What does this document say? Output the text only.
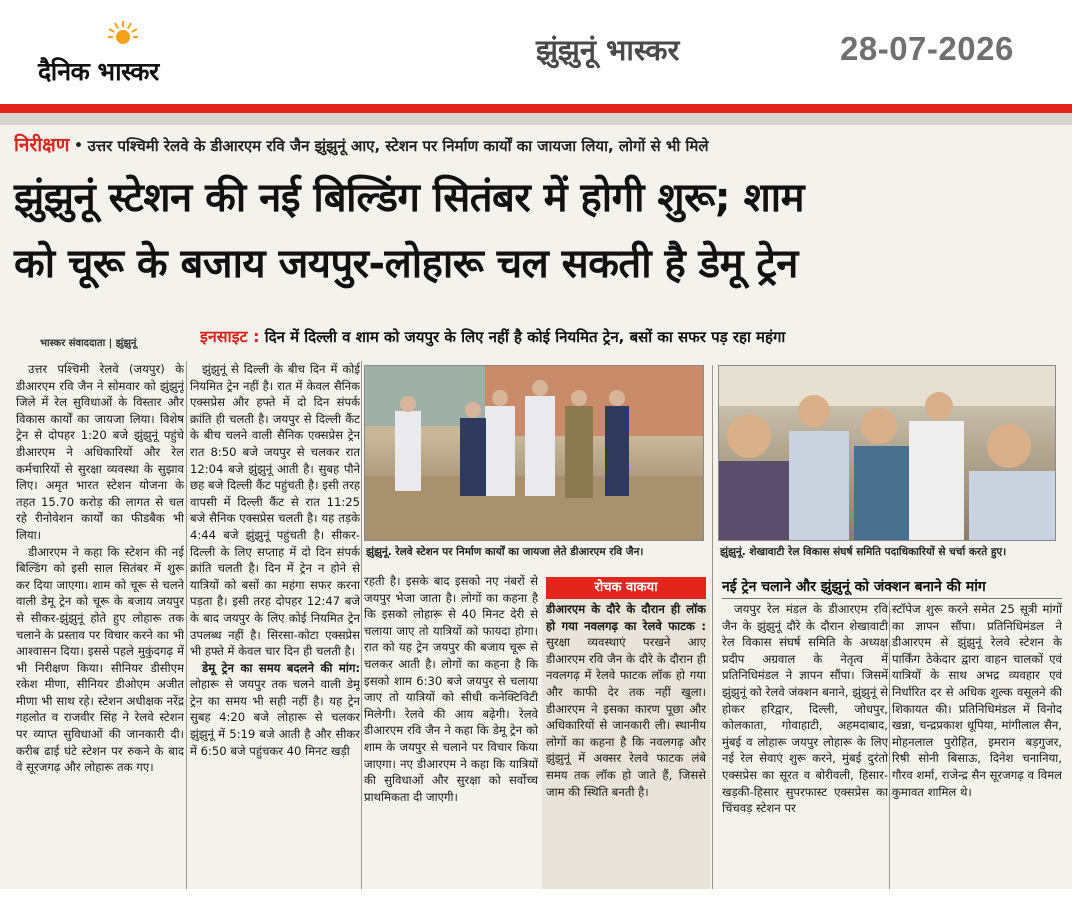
दैनिक भास्कर
झुंझुनूं भास्कर	28-07-2026
निरीक्षण • उत्तर पश्चिमी रेलवे के डीआरएम रवि जैन झुंझुनूं आए, स्टेशन पर निर्माण कार्यों का जायजा लिया, लोगों से भी मिले
झुंझुनूं स्टेशन की नई बिल्डिंग सितंबर में होगी शुरू; शाम
को चूरू के बजाय जयपुर-लोहारू चल सकती है डेमू ट्रेन
भास्कर संवाददाता | झुंझुनूं	इनसाइट : दिन में दिल्ली व शाम को जयपुर के लिए नहीं है कोई नियमित ट्रेन, बसों का सफर पड़ रहा महंगा

उत्तर पश्चिमी रेलवे (जयपुर) के डीआरएम रवि जैन ने सोमवार को झुंझुनूं जिले में रेल सुविधाओं के विस्तार और विकास कार्यों का जायजा लिया। विशेष ट्रेन से दोपहर 1:20 बजे झुंझुनूं पहुंचे डीआरएम ने अधिकारियों और रेल कर्मचारियों से सुरक्षा व्यवस्था के सुझाव लिए। अमृत भारत स्टेशन योजना के तहत 15.70 करोड़ की लागत से चल रहे रीनोवेशन कार्यों का फीडबैक भी लिया।

डीआरएम ने कहा कि स्टेशन की नई बिल्डिंग को इसी साल सितंबर में शुरू कर दिया जाएगा। शाम को चूरू से चलने वाली डेमू ट्रेन को चूरू के बजाय जयपुर से सीकर-झुंझुनूं होते हुए लोहारू तक चलाने के प्रस्ताव पर विचार करने का भी आश्वासन दिया। इससे पहले मुकुंदगढ़ में भी निरीक्षण किया। सीनियर डीसीएम रकेश मीणा, सीनियर डीओएम अजीत मीणा भी साथ रहे। स्टेशन अधीक्षक नरेंद्र गहलोत व राजवीर सिंह ने रेलवे स्टेशन पर व्याप्त सुविधाओं की जानकारी दी। करीब ढाई घंटे स्टेशन पर रुकने के बाद वे सूरजगढ़ और लोहारू तक गए।

झुंझुनूं से दिल्ली के बीच दिन में कोई नियमित ट्रेन नहीं है। रात में केवल सैनिक एक्सप्रेस और हफ्ते में दो दिन संपर्क क्रांति ही चलती है। जयपुर से दिल्ली कैंट के बीच चलने वाली सैनिक एक्सप्रेस ट्रेन रात 8:50 बजे जयपुर से चलकर रात 12:04 बजे झुंझुनूं आती है। सुबह पौने छह बजे दिल्ली कैंट पहुंचती है। इसी तरह वापसी में दिल्ली कैंट से रात 11:25 बजे सैनिक एक्सप्रेस चलती है। यह तड़के 4:44 बजे झुंझुनूं पहुंचती है। सीकर- दिल्ली के लिए सप्ताह में दो दिन संपर्क क्रांति चलती है। दिन में ट्रेन न होने से यात्रियों को बसों का महंगा सफर करना पड़ता है। इसी तरह दोपहर 12:47 बजे के बाद जयपुर के लिए कोई नियमित ट्रेन उपलब्ध नहीं है। सिरसा-कोटा एक्सप्रेस भी हफ्ते में केवल चार दिन ही चलती है।

डेमू ट्रेन का समय बदलने की मांग: लोहारू से जयपुर तक चलने वाली डेमू ट्रेन का समय भी सही नहीं है। यह ट्रेन सुबह 4:20 बजे लोहारू से चलकर झुंझुनूं में 5:19 बजे आती है और सीकर में 6:50 बजे पहुंचकर 40 मिनट खड़ी

झुंझुनूं. रेलवे स्टेशन पर निर्माण कार्यों का जायजा लेते डीआरएम रवि जैन।	झुंझुनूं. शेखावाटी रेल विकास संघर्ष समिति पदाधिकारियों से चर्चा करते हुए।

रहती है। इसके बाद इसको नए नंबरों से जयपुर भेजा जाता है। लोगों का कहना है कि इसको लोहारू से 40 मिनट देरी से चलाया जाए तो यात्रियों को फायदा होगा। रात को यह ट्रेन जयपुर की बजाय चूरू से चलकर आती है। लोगों का कहना है कि इसको शाम 6:30 बजे जयपुर से चलाया जाए तो यात्रियों को सीधी कनेक्टिविटी मिलेगी। रेलवे की आय बढ़ेगी। रेलवे डीआरएम रवि जैन ने कहा कि डेमू ट्रेन को शाम के जयपुर से चलाने पर विचार किया जाएगा। नए डीआरएम ने कहा कि यात्रियों की सुविधाओं और सुरक्षा को सर्वोच्च प्राथमिकता दी जाएगी।

रोचक वाकया

डीआरएम के दौरे के दौरान ही लॉक हो गया नवलगढ़ का रेलवे फाटक : सुरक्षा व्यवस्थाएं परखने आए डीआरएम रवि जैन के दौरे के दौरान ही नवलगढ़ में रेलवे फाटक लॉक हो गया और काफी देर तक नहीं खुला। डीआरएम ने इसका कारण पूछा और अधिकारियों से जानकारी ली। स्थानीय लोगों का कहना है कि नवलगढ़ और झुंझुनूं में अक्सर रेलवे फाटक लंबे समय तक लॉक हो जाते हैं, जिससे जाम की स्थिति बनती है।

नई ट्रेन चलाने और झुंझुनूं को जंक्शन बनाने की मांग

जयपुर रेल मंडल के डीआरएम रवि जैन के झुंझुनूं दौरे के दौरान शेखावाटी रेल विकास संघर्ष समिति के अध्यक्ष प्रदीप अग्रवाल के नेतृत्व में प्रतिनिधिमंडल ने ज्ञापन सौंपा। जिसमें झुंझुनूं को रेलवे जंक्शन बनाने, झुंझुनूं से होकर हरिद्वार, दिल्ली, जोधपुर, कोलकाता, गोवाहाटी, अहमदाबाद, मुंबई व लोहारू जयपुर लोहारू के लिए नई रेल सेवाएं शुरू करने, मुंबई दुरंतो एक्सप्रेस का सूरत व बोरीवली, हिसार-खड़की-हिसार सुपरफास्ट एक्सप्रेस का चिंचवड़ स्टेशन पर

स्टॉपेज शुरू करने समेत 25 सूत्री मांगों का ज्ञापन सौंपा। प्रतिनिधिमंडल ने डीआरएम से झुंझुनूं रेलवे स्टेशन के पार्किंग ठेकेदार द्वारा वाहन चालकों एवं यात्रियों के साथ अभद्र व्यवहार एवं निर्धारित दर से अधिक शुल्क वसूलने की शिकायत की। प्रतिनिधिमंडल में विनोद खन्ना, चन्द्रप्रकाश धूपिया, मांगीलाल सैन, मोहनलाल पुरोहित, इमरान बड़गुजर, रिषी सोनी बिसाऊ, दिनेश चनानिया, गौरव शर्मा, राजेन्द्र सैन सूरजगढ़ व विमल कुमावत शामिल थे।
